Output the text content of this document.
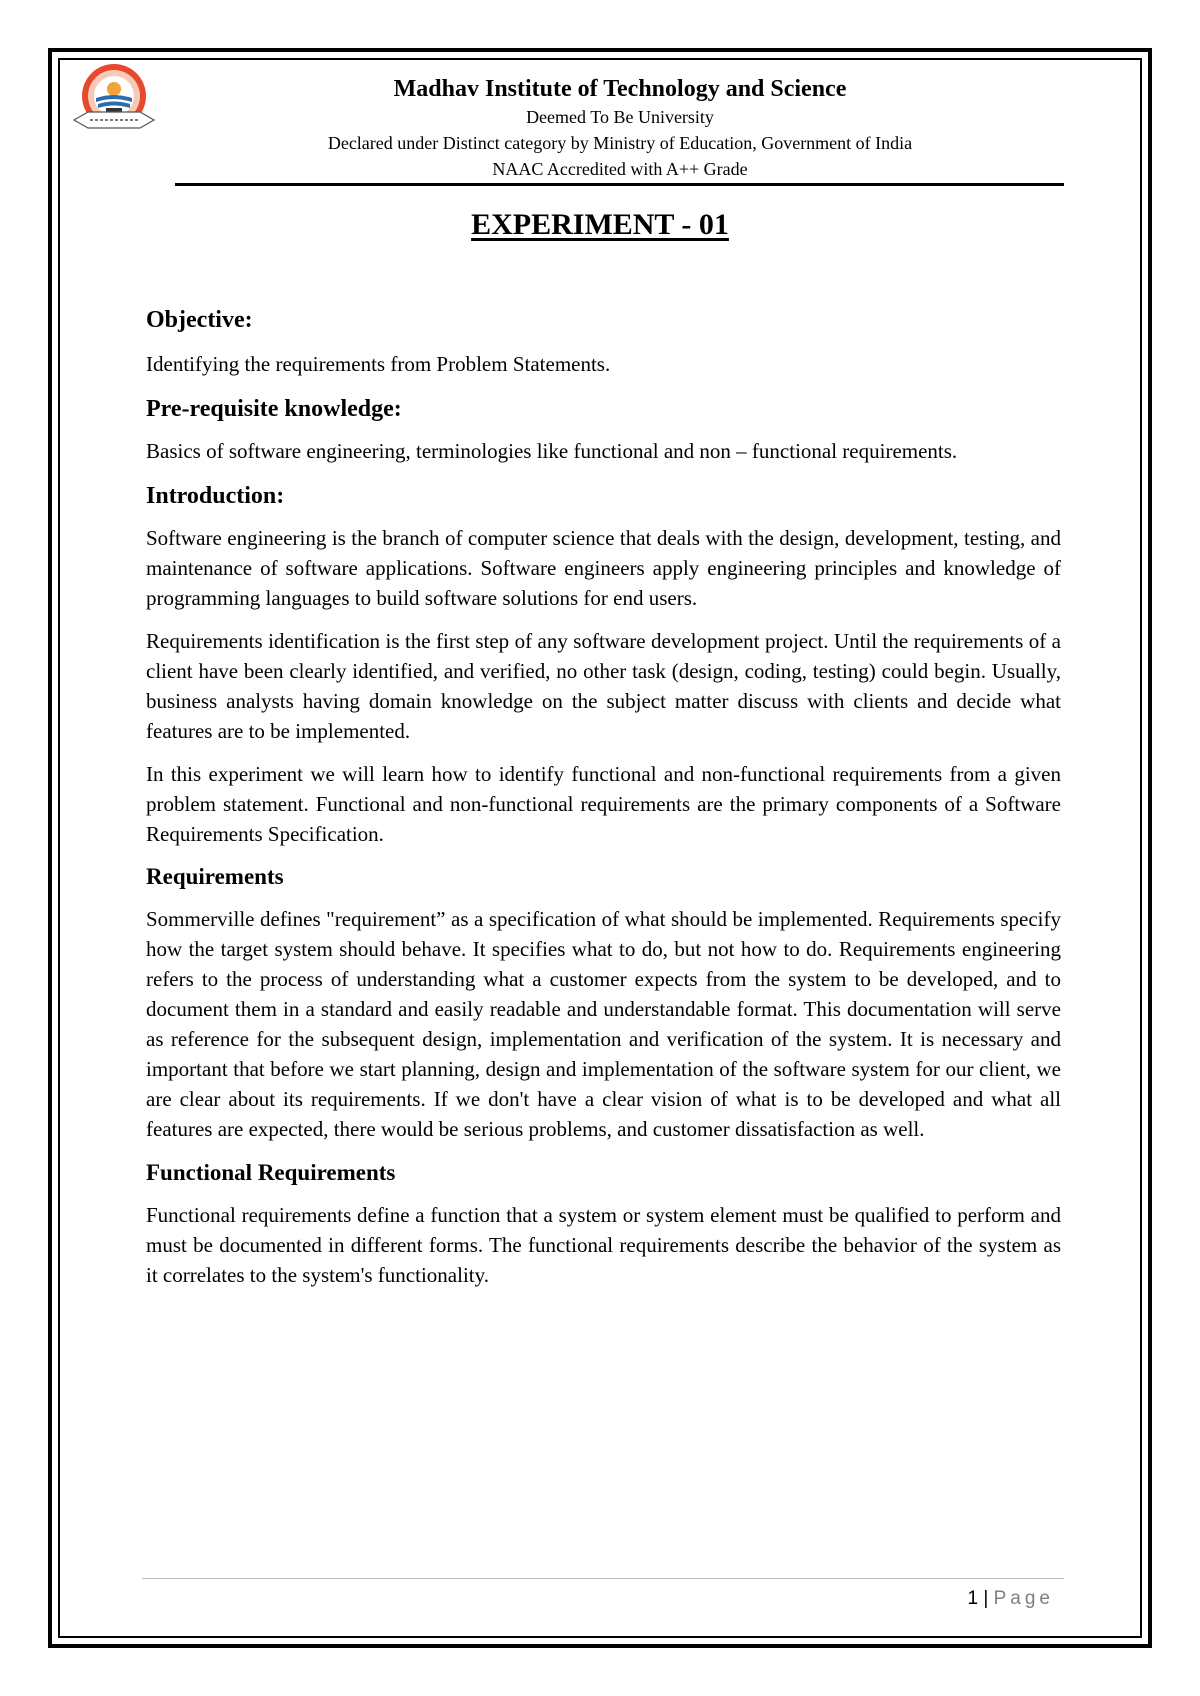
Madhav Institute of Technology and Science
Deemed To Be University
Declared under Distinct category by Ministry of Education, Government of India
NAAC Accredited with A++ Grade
EXPERIMENT - 01
Objective:

Identifying the requirements from Problem Statements.

Pre-requisite knowledge:

Basics of software engineering, terminologies like functional and non – functional requirements.

Introduction:

Software engineering is the branch of computer science that deals with the design, development, testing, and maintenance of software applications. Software engineers apply engineering principles and knowledge of programming languages to build software solutions for end users.

Requirements identification is the first step of any software development project. Until the requirements of a client have been clearly identified, and verified, no other task (design, coding, testing) could begin. Usually, business analysts having domain knowledge on the subject matter discuss with clients and decide what features are to be implemented.

In this experiment we will learn how to identify functional and non-functional requirements from a given problem statement. Functional and non-functional requirements are the primary components of a Software Requirements Specification.

Requirements

Sommerville defines "requirement” as a specification of what should be implemented. Requirements specify how the target system should behave. It specifies what to do, but not how to do. Requirements engineering refers to the process of understanding what a customer expects from the system to be developed, and to document them in a standard and easily readable and understandable format. This documentation will serve as reference for the subsequent design, implementation and verification of the system. It is necessary and important that before we start planning, design and implementation of the software system for our client, we are clear about its requirements. If we don't have a clear vision of what is to be developed and what all features are expected, there would be serious problems, and customer dissatisfaction as well.

Functional Requirements

Functional requirements define a function that a system or system element must be qualified to perform and must be documented in different forms. The functional requirements describe the behavior of the system as it correlates to the system's functionality.

1 | Page
